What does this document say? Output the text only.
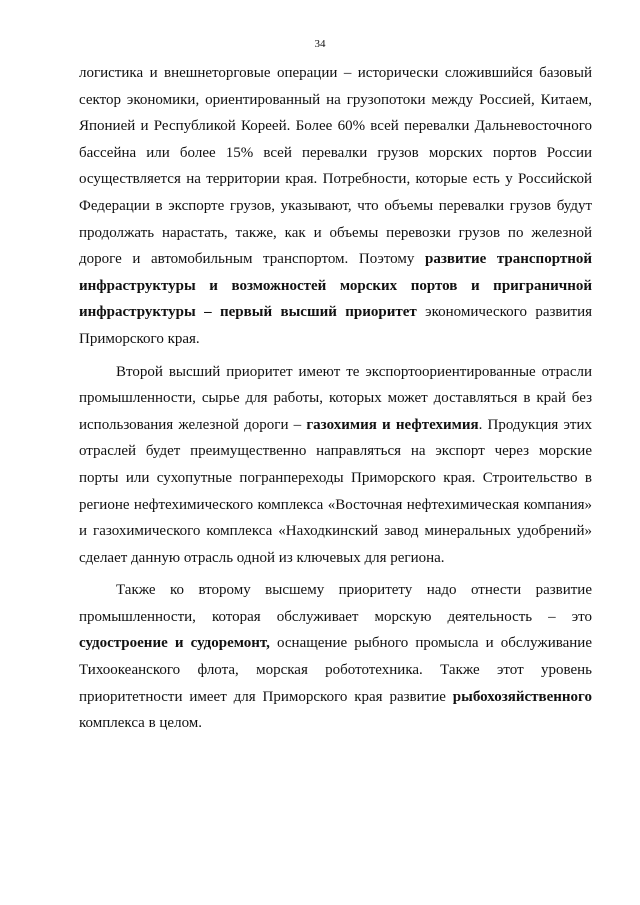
34

логистика и внешнеторговые операции – исторически сложившийся базовый сектор экономики, ориентированный на грузопотоки между Россией, Китаем, Японией и Республикой Кореей. Более 60% всей перевалки Дальневосточного бассейна или более 15% всей перевалки грузов морских портов России осуществляется на территории края. Потребности, которые есть у Российской Федерации в экспорте грузов, указывают, что объемы перевалки грузов будут продолжать нарастать, также, как и объемы перевозки грузов по железной дороге и автомобильным транспортом. Поэтому развитие транспортной инфраструктуры и возможностей морских портов и приграничной инфраструктуры – первый высший приоритет экономического развития Приморского края.

Второй высший приоритет имеют те экспортоориентированные отрасли промышленности, сырье для работы, которых может доставляться в край без использования железной дороги – газохимия и нефтехимия. Продукция этих отраслей будет преимущественно направляться на экспорт через морские порты или сухопутные погранпереходы Приморского края. Строительство в регионе нефтехимического комплекса «Восточная нефтехимическая компания» и газохимического комплекса «Находкинский завод минеральных удобрений» сделает данную отрасль одной из ключевых для региона.

Также ко второму высшему приоритету надо отнести развитие промышленности, которая обслуживает морскую деятельность – это судостроение и судоремонт, оснащение рыбного промысла и обслуживание Тихоокеанского флота, морская робототехника. Также этот уровень приоритетности имеет для Приморского края развитие рыбохозяйственного комплекса в целом.
